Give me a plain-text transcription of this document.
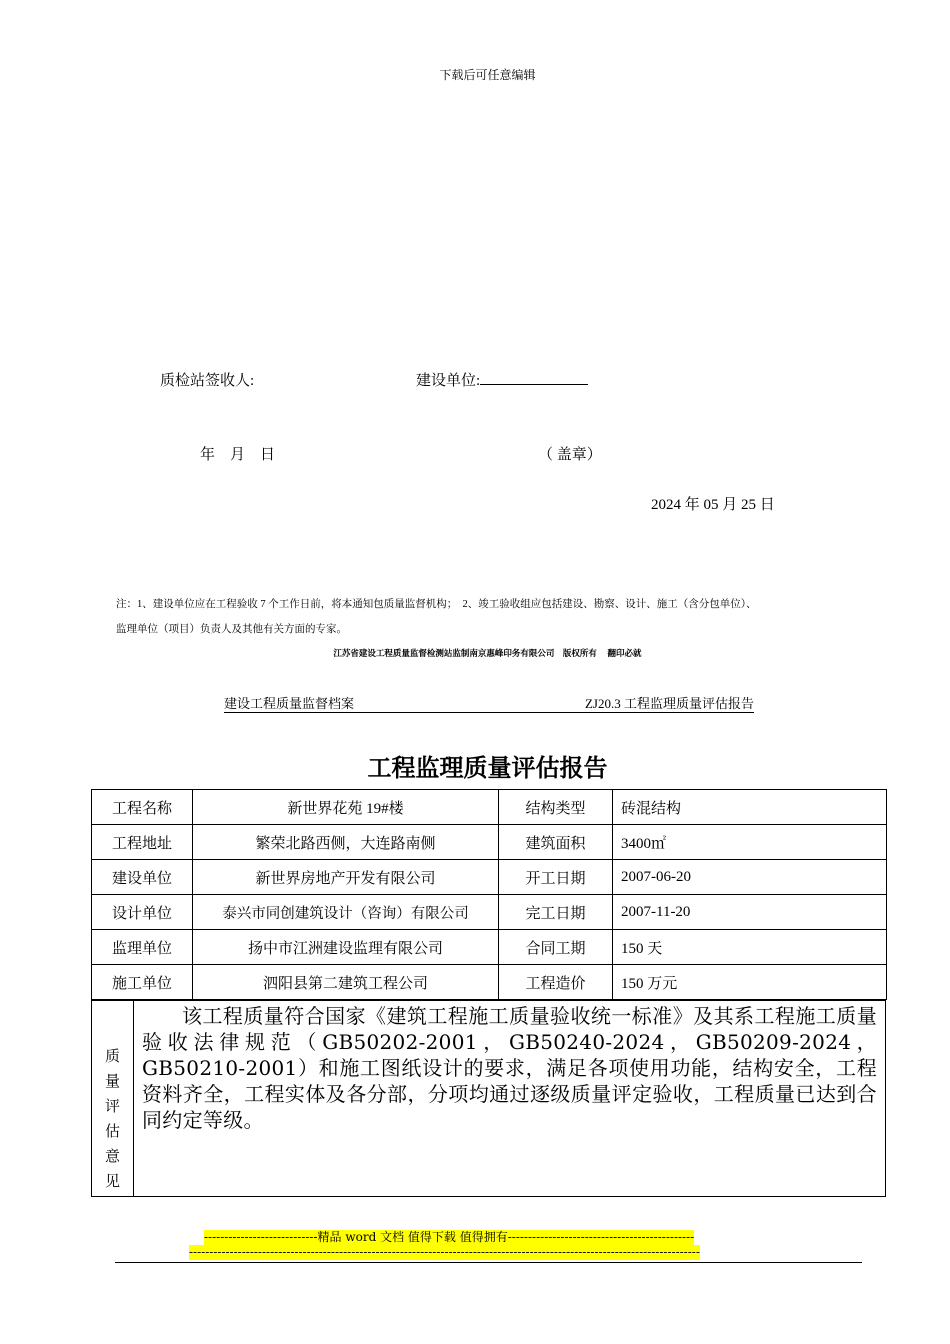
下载后可任意编辑
质检站签收人:	建设单位:
年　月　日	（ 盖章）
2024 年 05 月 25 日
注：1、建设单位应在工程验收 7 个工作日前，将本通知包质量监督机构；　2、竣工验收组应包括建设、勘察、设计、施工（含分包单位）、
监理单位（项目）负责人及其他有关方面的专家。
江苏省建设工程质量监督检测站监制南京惠峰印务有限公司　版权所有　 翻印必就
建设工程质量监督档案	ZJ20.3 工程监理质量评估报告
工程监理质量评估报告
工程名称	新世界花苑 19#楼	结构类型	砖混结构
工程地址	繁荣北路西侧，大连路南侧	建筑面积	3400㎡
建设单位	新世界房地产开发有限公司	开工日期	2007-06-20
设计单位	泰兴市同创建筑设计（咨询）有限公司	完工日期	2007-11-20
监理单位	扬中市江洲建设监理有限公司	合同工期	150 天
施工单位	泗阳县第二建筑工程公司	工程造价	150 万元
质
量
评
估
意
见
	该工程质量符合国家《建筑工程施工质量验收统一标准》及其系工程施工质量验收法律规范（GB50202-2001，GB50240-2024，GB50209-2024，GB50210-2001）和施工图纸设计的要求，满足各项使用功能，结构安全，工程资料齐全，工程实体及各分部，分项均通过逐级质量评定验收，工程质量已达到合同约定等级。
----------------------------精品 word 文档 值得下载 值得拥有----------------------------------------------
------------------------------------------------------------------------------------------------------------------------------
